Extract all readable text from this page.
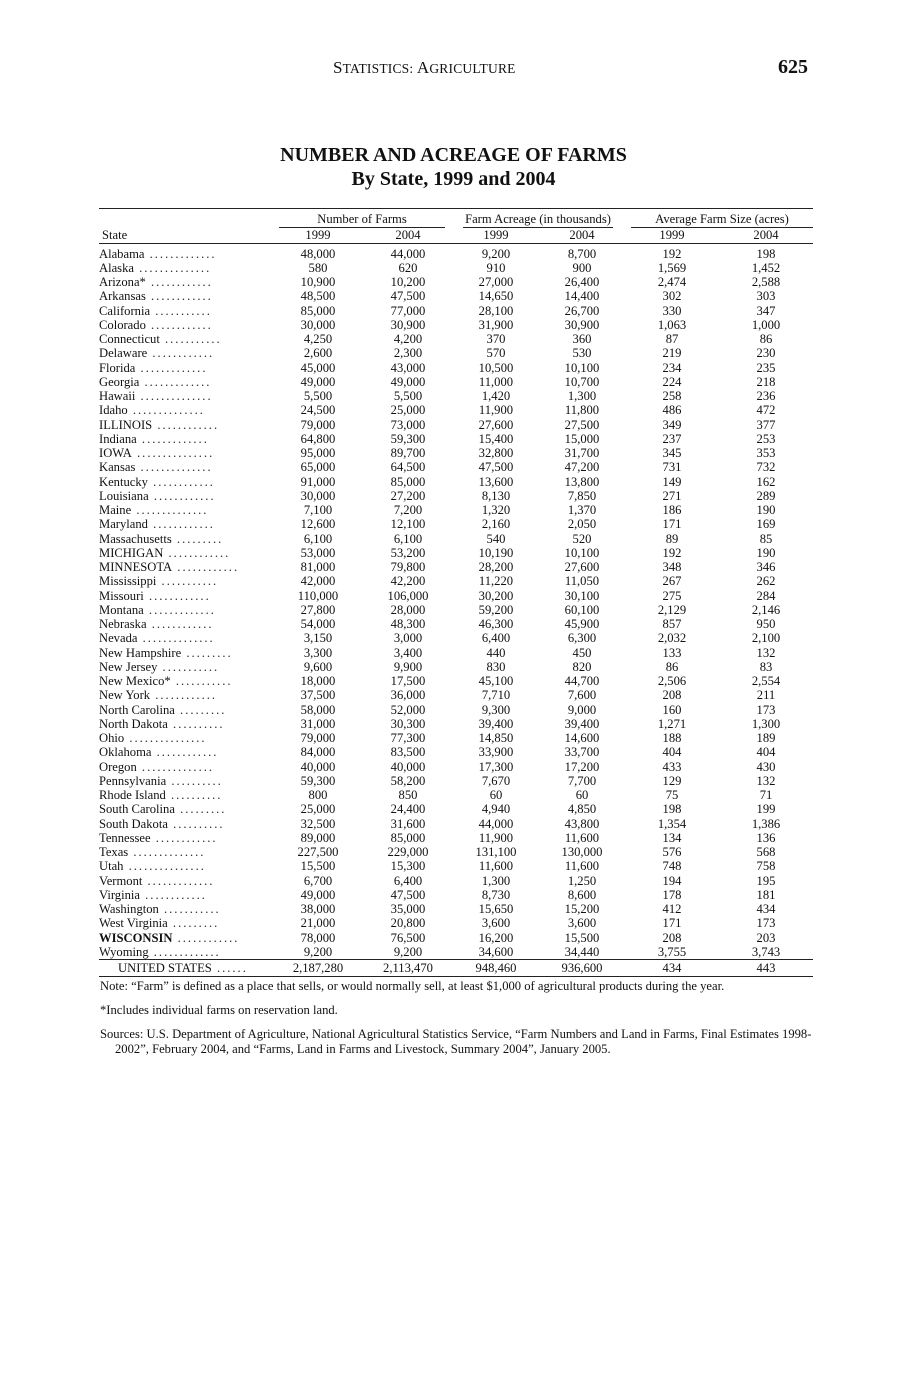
STATISTICS: AGRICULTURE	625
NUMBER AND ACREAGE OF FARMS
By State, 1999 and 2004

	Number of Farms		Farm Acreage (in thousands)		Average Farm Size (acres)	

State	1999	2004	1999	2004	1999	2004
Alabama .............	48,000	44,000	9,200	8,700	192	198
Alaska ..............	580	620	910	900	1,569	1,452
Arizona* ............	10,900	10,200	27,000	26,400	2,474	2,588
Arkansas ............	48,500	47,500	14,650	14,400	302	303
California ...........	85,000	77,000	28,100	26,700	330	347
Colorado ............	30,000	30,900	31,900	30,900	1,063	1,000
Connecticut ...........	4,250	4,200	370	360	87	86
Delaware ............	2,600	2,300	570	530	219	230
Florida .............	45,000	43,000	10,500	10,100	234	235
Georgia .............	49,000	49,000	11,000	10,700	224	218
Hawaii ..............	5,500	5,500	1,420	1,300	258	236
Idaho ..............	24,500	25,000	11,900	11,800	486	472
ILLINOIS ............	79,000	73,000	27,600	27,500	349	377
Indiana .............	64,800	59,300	15,400	15,000	237	253
IOWA ...............	95,000	89,700	32,800	31,700	345	353
Kansas ..............	65,000	64,500	47,500	47,200	731	732
Kentucky ............	91,000	85,000	13,600	13,800	149	162
Louisiana ............	30,000	27,200	8,130	7,850	271	289
Maine ..............	7,100	7,200	1,320	1,370	186	190
Maryland ............	12,600	12,100	2,160	2,050	171	169
Massachusetts .........	6,100	6,100	540	520	89	85
MICHIGAN ............	53,000	53,200	10,190	10,100	192	190
MINNESOTA ............	81,000	79,800	28,200	27,600	348	346
Mississippi ...........	42,000	42,200	11,220	11,050	267	262
Missouri ............	110,000	106,000	30,200	30,100	275	284
Montana .............	27,800	28,000	59,200	60,100	2,129	2,146
Nebraska ............	54,000	48,300	46,300	45,900	857	950
Nevada ..............	3,150	3,000	6,400	6,300	2,032	2,100
New Hampshire .........	3,300	3,400	440	450	133	132
New Jersey ...........	9,600	9,900	830	820	86	83
New Mexico* ...........	18,000	17,500	45,100	44,700	2,506	2,554
New York ............	37,500	36,000	7,710	7,600	208	211
North Carolina .........	58,000	52,000	9,300	9,000	160	173
North Dakota ..........	31,000	30,300	39,400	39,400	1,271	1,300
Ohio ...............	79,000	77,300	14,850	14,600	188	189
Oklahoma ............	84,000	83,500	33,900	33,700	404	404
Oregon ..............	40,000	40,000	17,300	17,200	433	430
Pennsylvania ..........	59,300	58,200	7,670	7,700	129	132
Rhode Island ..........	800	850	60	60	75	71
South Carolina .........	25,000	24,400	4,940	4,850	198	199
South Dakota ..........	32,500	31,600	44,000	43,800	1,354	1,386
Tennessee ............	89,000	85,000	11,900	11,600	134	136
Texas ..............	227,500	229,000	131,100	130,000	576	568
Utah ...............	15,500	15,300	11,600	11,600	748	758
Vermont .............	6,700	6,400	1,300	1,250	194	195
Virginia ............	49,000	47,500	8,730	8,600	178	181
Washington ...........	38,000	35,000	15,650	15,200	412	434
West Virginia .........	21,000	20,800	3,600	3,600	171	173
WISCONSIN ............	78,000	76,500	16,200	15,500	208	203
Wyoming .............	9,200	9,200	34,600	34,440	3,755	3,743
UNITED STATES ......	2,187,280	2,113,470	948,460	936,600	434	443

Note: “Farm” is defined as a place that sells, or would normally sell, at least $1,000 of agricultural products during the year.

*Includes individual farms on reservation land.

Sources: U.S. Department of Agriculture, National Agricultural Statistics Service, “Farm Numbers and Land in Farms, Final Estimates 1998-2002”, February 2004, and “Farms, Land in Farms and Livestock, Summary 2004”, January 2005.
